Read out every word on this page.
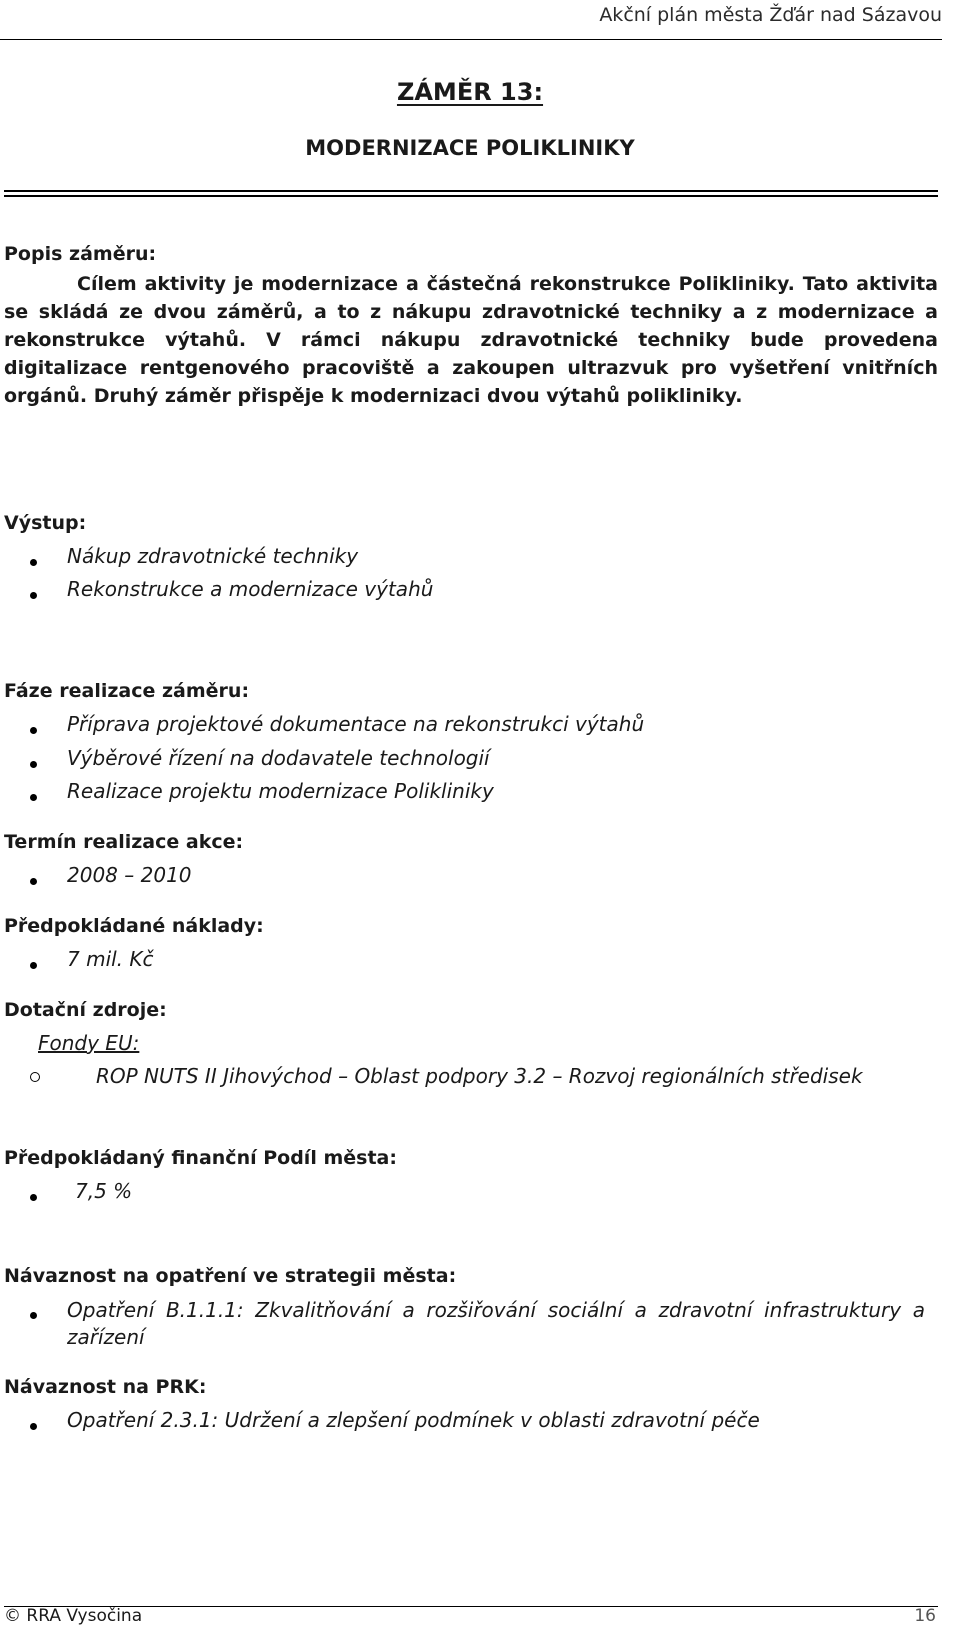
Akční plán města Žďár nad Sázavou
ZÁMĚR 13:
MODERNIZACE POLIKLINIKY
Popis záměru:
Cílem aktivity je modernizace a částečná rekonstrukce Polikliniky. Tato aktivita se skládá ze dvou záměrů, a to z nákupu zdravotnické techniky a z modernizace a rekonstrukce výtahů. V rámci nákupu zdravotnické techniky bude provedena digitalizace rentgenového pracoviště a zakoupen ultrazvuk pro vyšetření vnitřních orgánů. Druhý záměr přispěje k modernizaci dvou výtahů polikliniky.
Výstup:
Nákup zdravotnické techniky
Rekonstrukce a modernizace výtahů
Fáze realizace záměru:
Příprava projektové dokumentace na rekonstrukci výtahů
Výběrové řízení na dodavatele technologií
Realizace projektu modernizace Polikliniky
Termín realizace akce:
2008 – 2010
Předpokládané náklady:
7 mil. Kč
Dotační zdroje:
Fondy EU:
ROP NUTS II Jihovýchod – Oblast podpory 3.2 – Rozvoj regionálních středisek
Předpokládaný finanční Podíl města:
7,5 %
Návaznost na opatření ve strategii města:
Opatření B.1.1.1: Zkvalitňování a rozšiřování sociální a zdravotní infrastruktury a zařízení
Návaznost na PRK:
Opatření 2.3.1: Udržení a zlepšení podmínek v oblasti zdravotní péče
© RRA Vysočina	16
